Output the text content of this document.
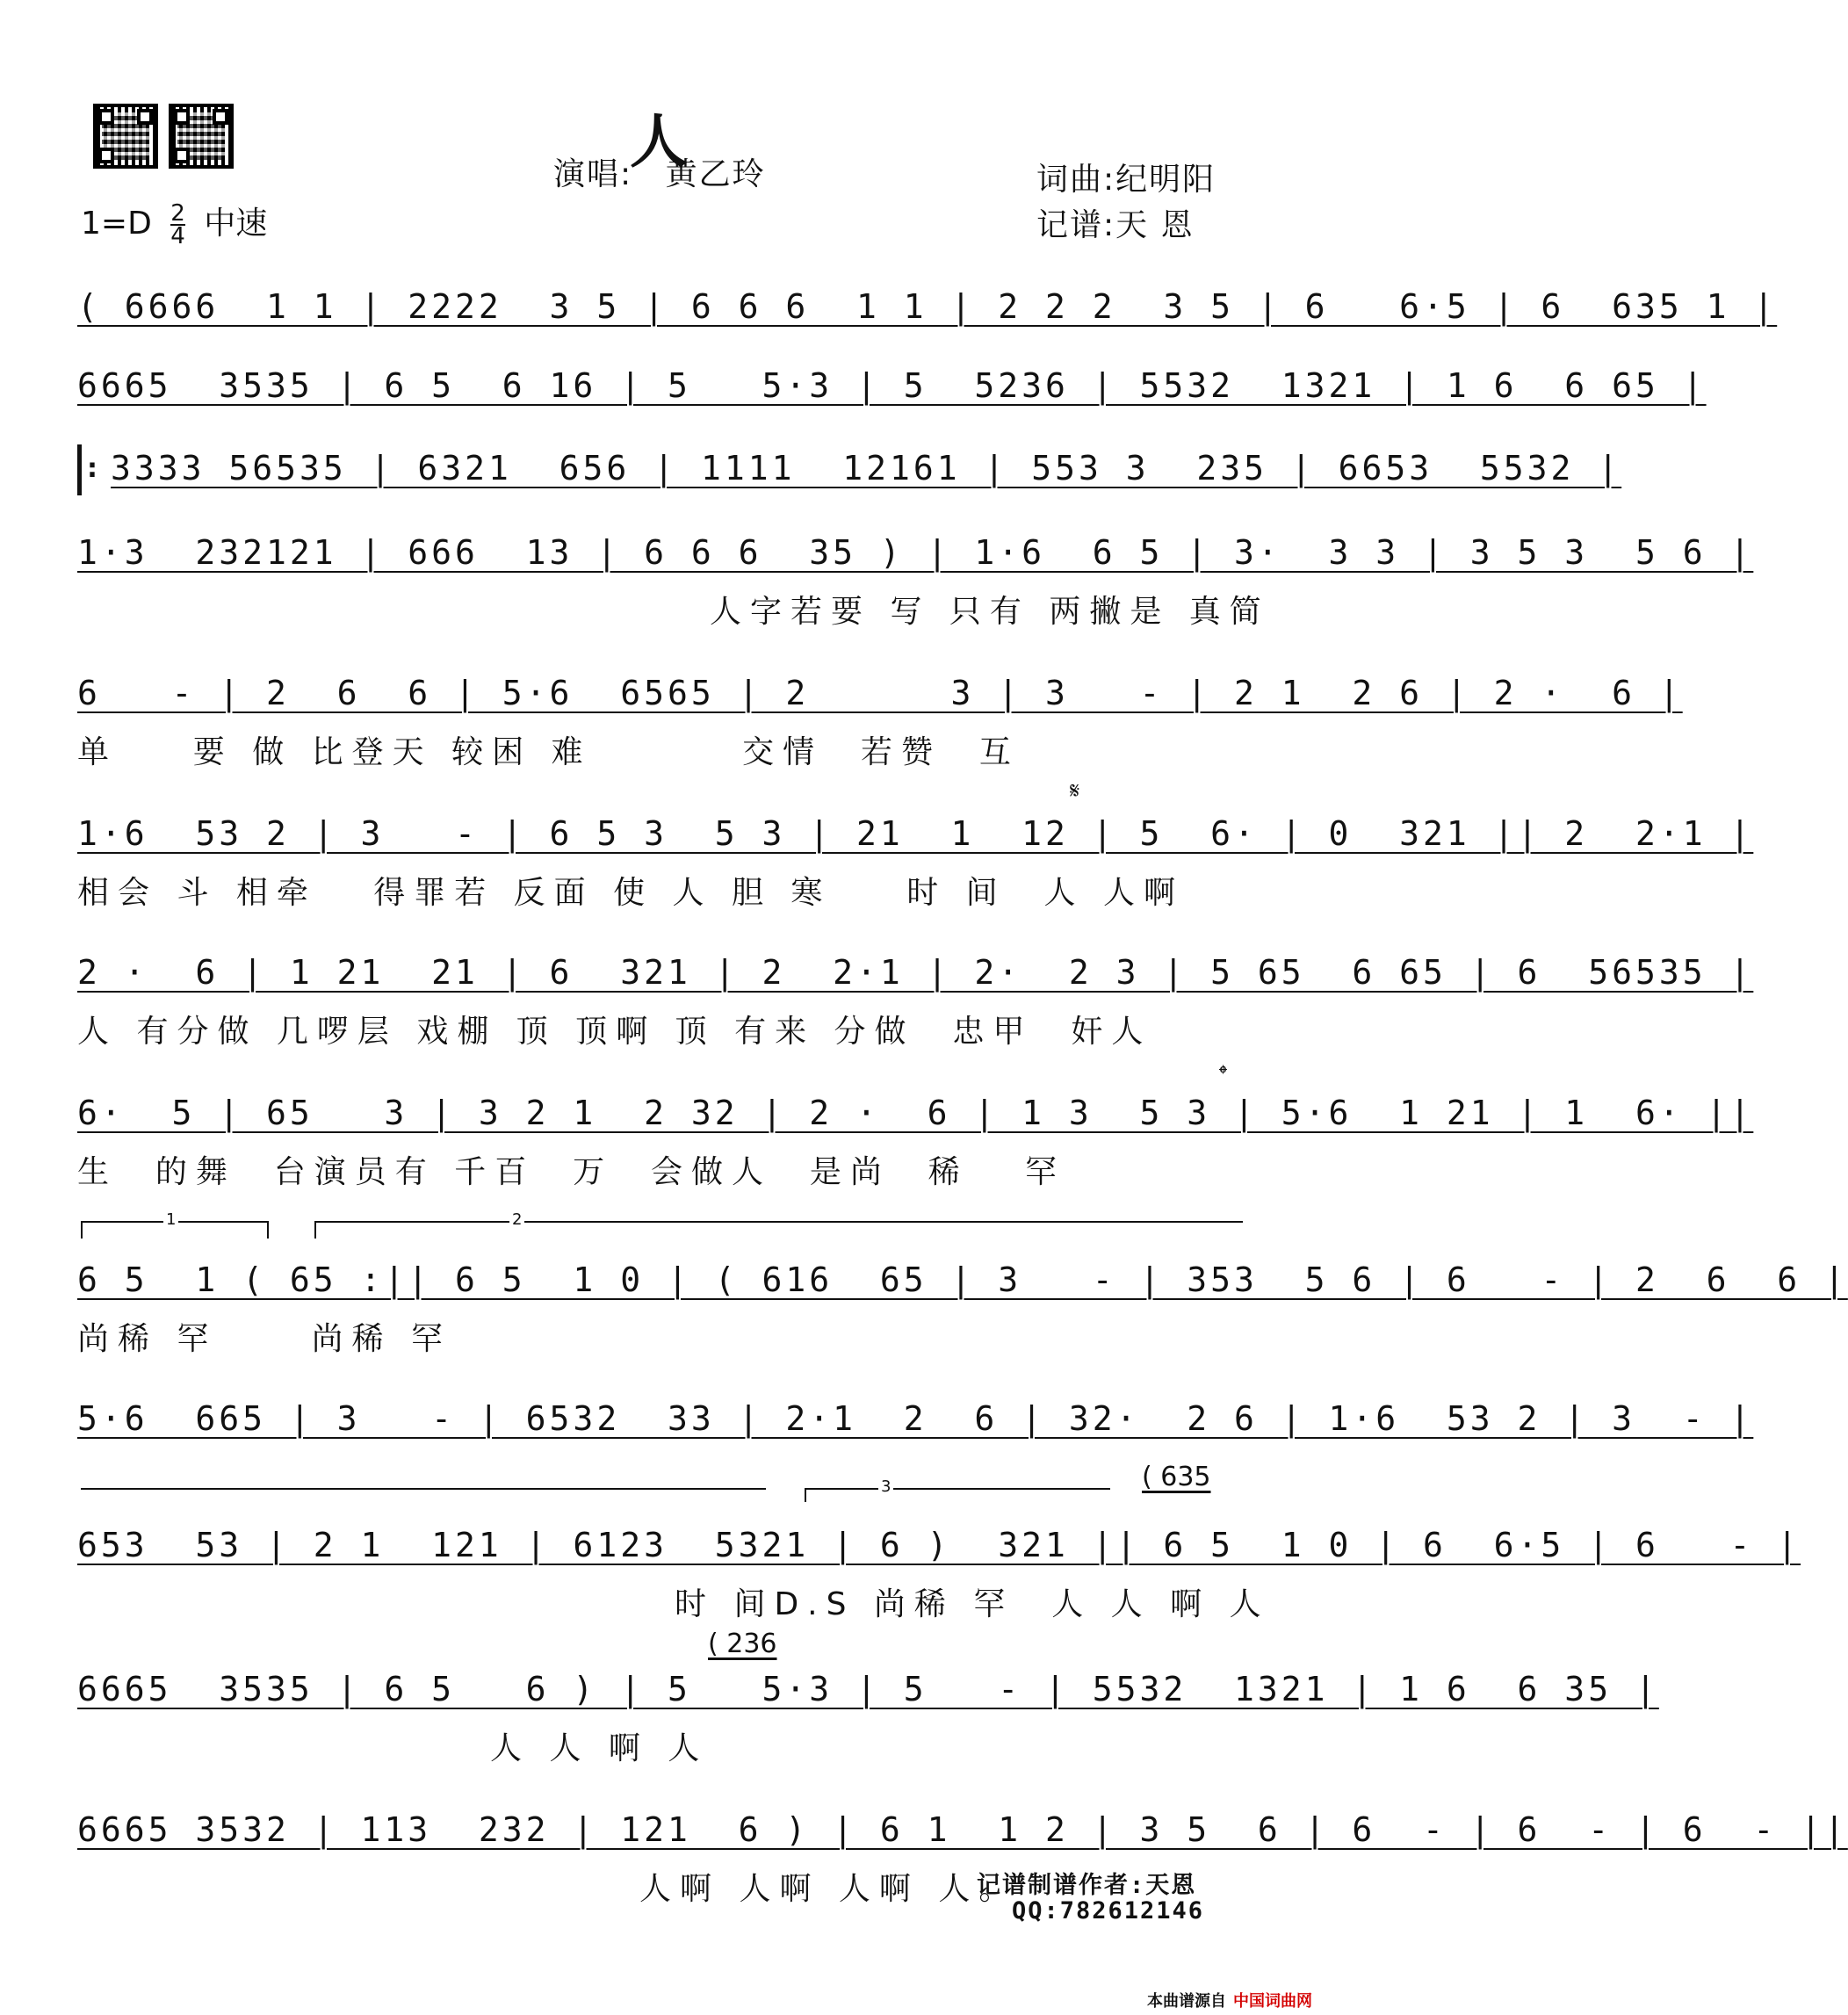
人
演唱: 黄乙玲	词曲:纪明阳
记谱:天 恩
$1=D \frac{2}{4}$ 中速
( 6666  1 1 | 2222  3 5 | 6 6 6  1 1 | 2 2 2  3 5 | 6   6·5 | 6  635 1 |
6665  3535 | 6 5  6 16 | 5   5·3 | 5  5236 | 5532  1321 | 1 6  6 65 |
:
3333 56535 | 6321  656 | 1111  12161 | 553 3  235 | 6653  5532 |
1·3  232121 | 666  13 | 6 6 6  35 ) | 1·6  6 5 | 3·  3 3 | 3 5 3  5 6 |
人字若要 写 只有 两撇是 真简
6   - | 2  6  6 | 5·6  6565 | 2      3 | 3   - | 2 1  2 6 | 2 ·  6 |
单    要 做 比登天 较困 难        交情  若赞  互
𝄋
1·6  53 2 | 3   - | 6 5 3  5 3 | 21  1  12 | 5  6· | 0  321 || 2  2·1 |
相会 斗 相牵   得罪若 反面 使 人 胆 寒    时 间  人 人啊
2 ·  6 | 1 21  21 | 6  321 | 2  2·1 | 2·  2 3 | 5 65  6 65 | 6  56535 |
人 有分做 几啰层 戏棚 顶 顶啊 顶 有来 分做  忠甲  奸人
𝄌
6·  5 | 65   3 | 3 2 1  2 32 | 2 ·  6 | 1 3  5 3 | 5·6  1 21 | 1  6· ||
生  的舞  台演员有 千百  万  会做人  是尚  稀   罕
1	2
6 5  1 ( 65 :|| 6 5  1 0 | ( 616  65 | 3   - | 353  5 6 | 6   - | 2  6  6 |
尚稀 罕     尚稀 罕
5·6  665 | 3   - | 6532  33 | 2·1  2  6 | 32·  2 6 | 1·6  53 2 | 3  - |
3	( 635
653  53 | 2 1  121 | 6123  5321 | 6 )  321 || 6 5  1 0 | 6  6·5 | 6   - |
时 间D.S 尚稀 罕  人 人 啊 人
( 236
6665  3535 | 6 5   6 ) | 5   5·3 | 5   - | 5532  1321 | 1 6  6 35 |
人 人 啊 人
6665 3532 | 113  232 | 121  6 ) | 6 1  1 2 | 3 5  6 | 6  - | 6  - | 6  - ||
人啊 人啊 人啊 人。
记谱制谱作者:天恩
QQ:782612146
本曲谱源自 中国词曲网
